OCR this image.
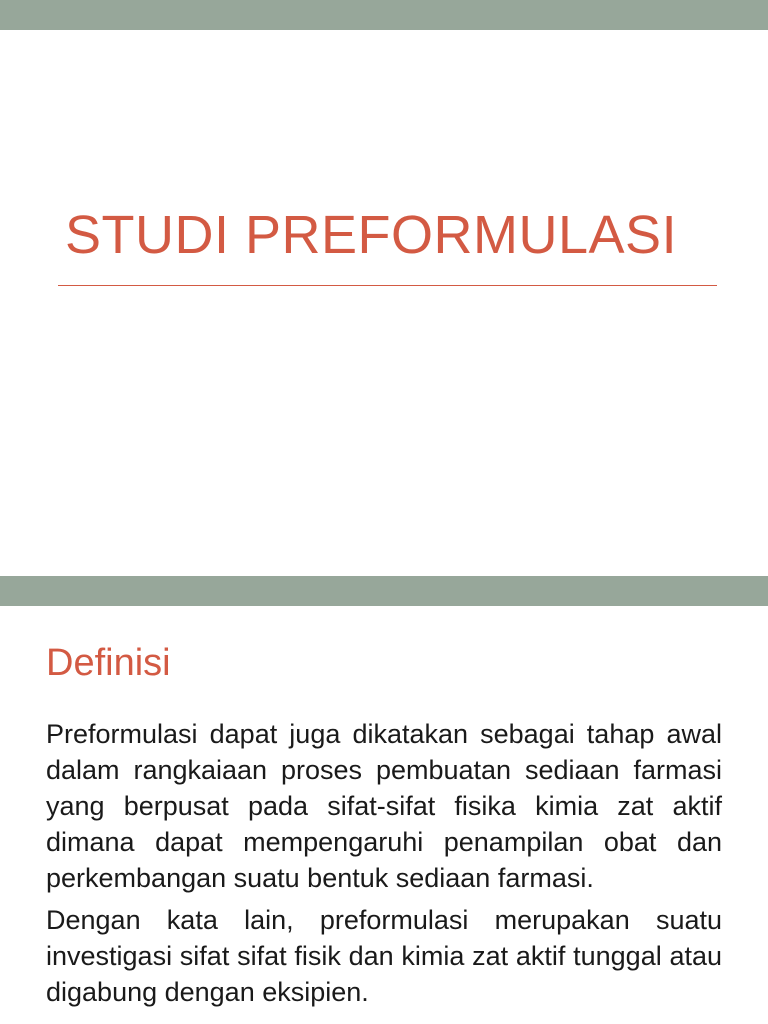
STUDI PREFORMULASI
Definisi

Preformulasi dapat juga dikatakan sebagai tahap awal dalam rangkaiaan proses pembuatan sediaan farmasi yang berpusat pada sifat-sifat fisika kimia zat aktif dimana dapat mempengaruhi penampilan obat dan perkembangan suatu bentuk sediaan farmasi.

Dengan kata lain, preformulasi merupakan suatu investigasi sifat sifat fisik dan kimia zat aktif tunggal atau digabung dengan eksipien.
